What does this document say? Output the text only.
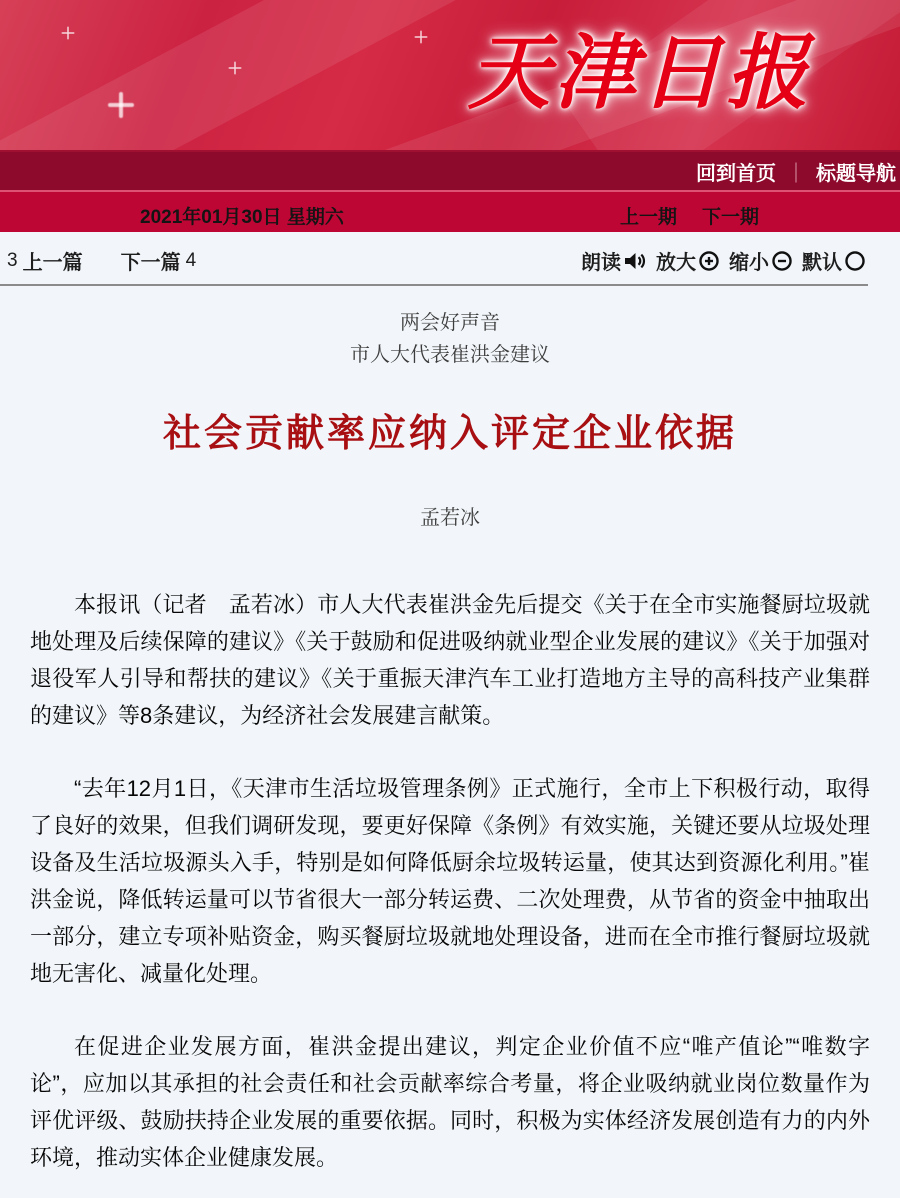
天津日报
回到首页 ｜ 标题导航
2021年01月30日 星期六	上一期 下一期
3 上一篇 下一篇 4	朗读 放大 缩小 默认
两会好声音
市人大代表崔洪金建议
社会贡献率应纳入评定企业依据
孟若冰

本报讯（记者　孟若冰）市人大代表崔洪金先后提交《关于在全市实施餐厨垃圾就地处理及后续保障的建议》《关于鼓励和促进吸纳就业型企业发展的建议》《关于加强对退役军人引导和帮扶的建议》《关于重振天津汽车工业打造地方主导的高科技产业集群的建议》等8条建议，为经济社会发展建言献策。

“去年12月1日，《天津市生活垃圾管理条例》正式施行，全市上下积极行动，取得了良好的效果，但我们调研发现，要更好保障《条例》有效实施，关键还要从垃圾处理设备及生活垃圾源头入手，特别是如何降低厨余垃圾转运量，使其达到资源化利用。”崔洪金说，降低转运量可以节省很大一部分转运费、二次处理费，从节省的资金中抽取出一部分，建立专项补贴资金，购买餐厨垃圾就地处理设备，进而在全市推行餐厨垃圾就地无害化、减量化处理。

在促进企业发展方面，崔洪金提出建议，判定企业价值不应“唯产值论”“唯数字论”，应加以其承担的社会责任和社会贡献率综合考量，将企业吸纳就业岗位数量作为评优评级、鼓励扶持企业发展的重要依据。同时，积极为实体经济发展创造有力的内外环境，推动实体企业健康发展。
